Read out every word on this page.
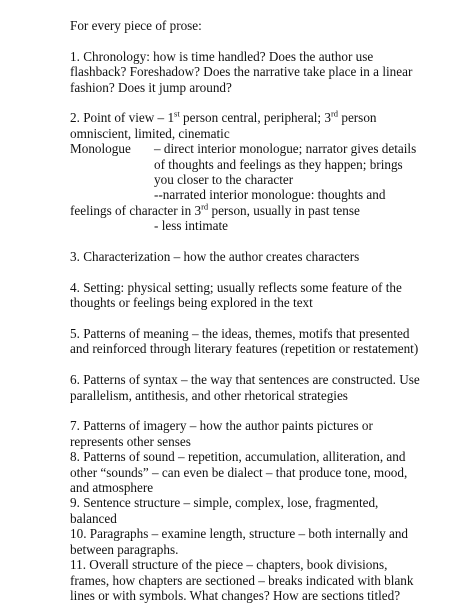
For every piece of prose:
1. Chronology: how is time handled? Does the author use
flashback? Foreshadow? Does the narrative take place in a linear
fashion? Does it jump around?
2. Point of view – 1st person central, peripheral; 3rd person
omniscient, limited, cinematic
Monologue – direct interior monologue; narrator gives details
of thoughts and feelings as they happen; brings
you closer to the character
--narrated interior monologue: thoughts and
feelings of character in 3rd person, usually in past tense
- less intimate
3. Characterization – how the author creates characters
4. Setting: physical setting; usually reflects some feature of the
thoughts or feelings being explored in the text
5. Patterns of meaning – the ideas, themes, motifs that presented
and reinforced through literary features (repetition or restatement)
6. Patterns of syntax – the way that sentences are constructed. Use
parallelism, antithesis, and other rhetorical strategies
7. Patterns of imagery – how the author paints pictures or
represents other senses
8. Patterns of sound – repetition, accumulation, alliteration, and
other “sounds” – can even be dialect – that produce tone, mood,
and atmosphere
9. Sentence structure – simple, complex, lose, fragmented,
balanced
10. Paragraphs – examine length, structure – both internally and
between paragraphs.
11. Overall structure of the piece – chapters, book divisions,
frames, how chapters are sectioned – breaks indicated with blank
lines or with symbols. What changes? How are sections titled?
